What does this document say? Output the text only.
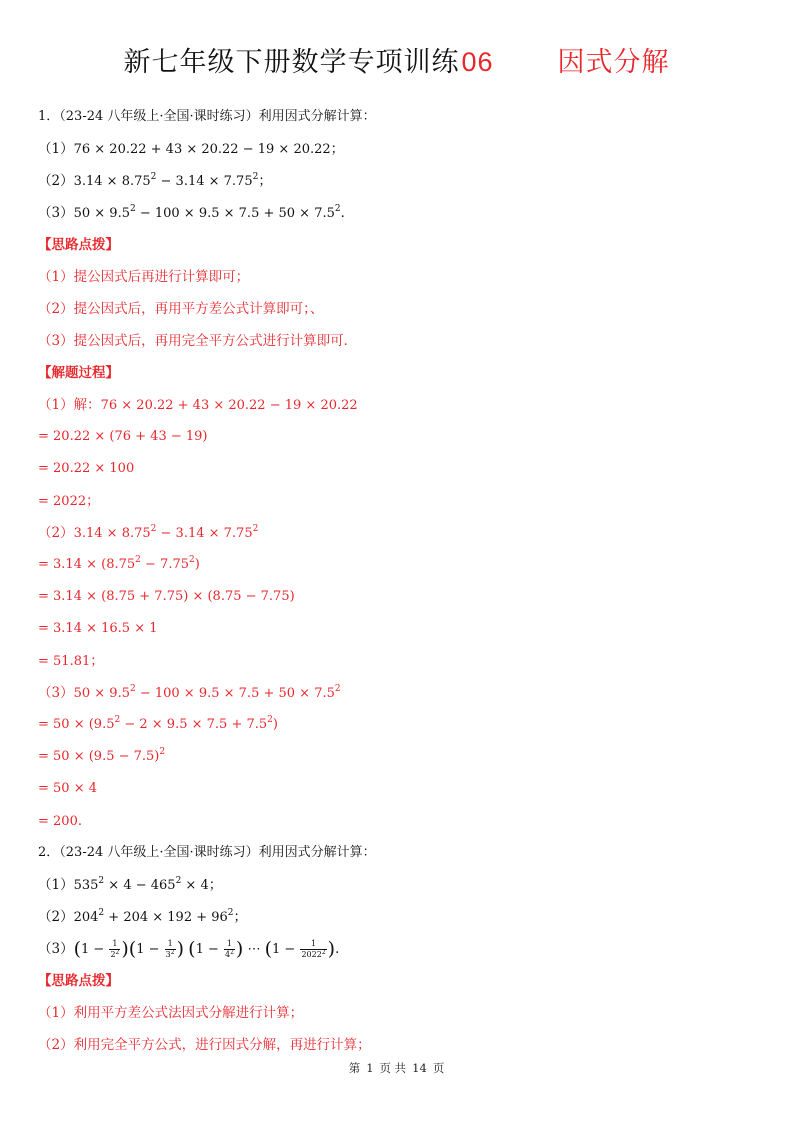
新七年级下册数学专项训练06 因式分解
1．（23-24 八年级上·全国·课时练习）利用因式分解计算：
（1）76 × 20.22 + 43 × 20.22 − 19 × 20.22；
$(2)3.14 \times 8.75^2 - 3.14 \times 7.75^2$；
$(3)50 \times 9.5^2 - 100 \times 9.5 \times 7.5 + 50 \times 7.5^2$．
【思路点拨】
（1）提公因式后再进行计算即可；
（2）提公因式后，再用平方差公式计算即可；、
（3）提公因式后，再用完全平方公式进行计算即可．
【解题过程】
（1）解：76 × 20.22 + 43 × 20.22 − 19 × 20.22
= 20.22 × (76 + 43 − 19)
= 20.22 × 100
= 2022；
$(2)3.14 \times 8.75^2 - 3.14 \times 7.75^2$
= $3.14 \times (8.75^2 - 7.75^2)$
= 3.14 × (8.75 + 7.75) × (8.75 − 7.75)
= 3.14 × 16.5 × 1
= 51.81；
$(3)50 \times 9.5^2 - 100 \times 9.5 \times 7.5 + 50 \times 7.5^2$
= $50 \times (9.5^2 - 2 \times 9.5 \times 7.5 + 7.5^2)$
= $50 \times (9.5 - 7.5)^2$
= 50 × 4
= 200．
2．（23-24 八年级上·全国·课时练习）利用因式分解计算：
$(1)535^2 \times 4 - 465^2 \times 4$；
$(2)204^2 + 204 \times 192 + 96^2$；
$(3)(1 - \frac{1}{2^2} )(1 - \frac{1}{3^2}$ ) ($1 - \frac{1}{4^2}$ ) ⋯ ($1 - \frac{1}{2022^2}$ )．
【思路点拨】
（1）利用平方差公式法因式分解进行计算；
（2）利用完全平方公式，进行因式分解，再进行计算；
第 1 页 共 14 页
